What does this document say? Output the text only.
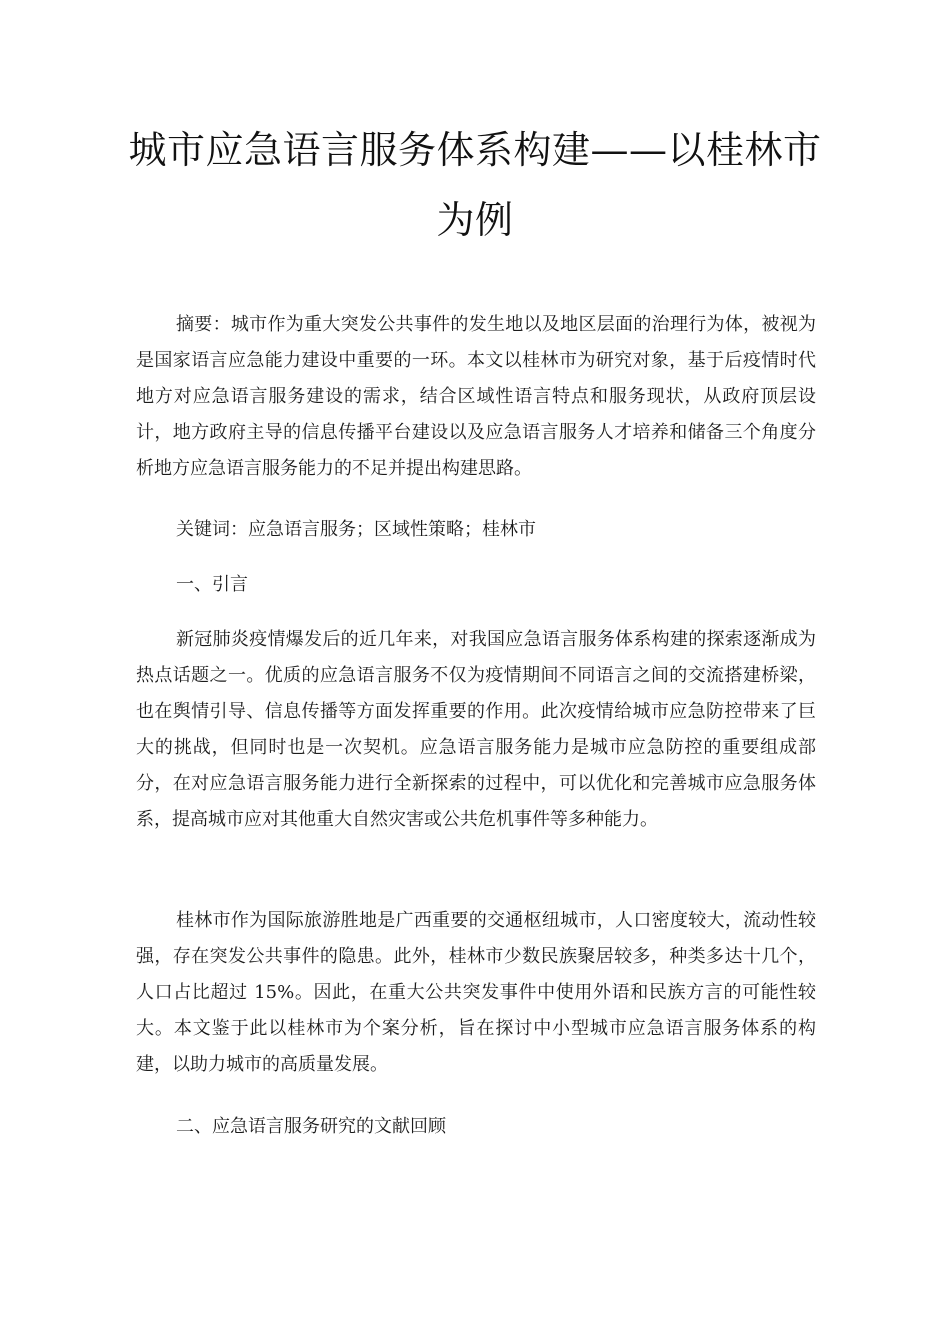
城市应急语言服务体系构建——以桂林市为例

摘要：城市作为重大突发公共事件的发生地以及地区层面的治理行为体，被视为是国家语言应急能力建设中重要的一环。本文以桂林市为研究对象，基于后疫情时代地方对应急语言服务建设的需求，结合区域性语言特点和服务现状，从政府顶层设计，地方政府主导的信息传播平台建设以及应急语言服务人才培养和储备三个角度分析地方应急语言服务能力的不足并提出构建思路。

关键词：应急语言服务；区域性策略；桂林市

一、引言

新冠肺炎疫情爆发后的近几年来，对我国应急语言服务体系构建的探索逐渐成为热点话题之一。优质的应急语言服务不仅为疫情期间不同语言之间的交流搭建桥梁，也在舆情引导、信息传播等方面发挥重要的作用。此次疫情给城市应急防控带来了巨大的挑战，但同时也是一次契机。应急语言服务能力是城市应急防控的重要组成部分，在对应急语言服务能力进行全新探索的过程中，可以优化和完善城市应急服务体系，提高城市应对其他重大自然灾害或公共危机事件等多种能力。

桂林市作为国际旅游胜地是广西重要的交通枢纽城市，人口密度较大，流动性较强，存在突发公共事件的隐患。此外，桂林市少数民族聚居较多，种类多达十几个，人口占比超过 15%。因此，在重大公共突发事件中使用外语和民族方言的可能性较大。本文鉴于此以桂林市为个案分析，旨在探讨中小型城市应急语言服务体系的构建，以助力城市的高质量发展。

二、应急语言服务研究的文献回顾
